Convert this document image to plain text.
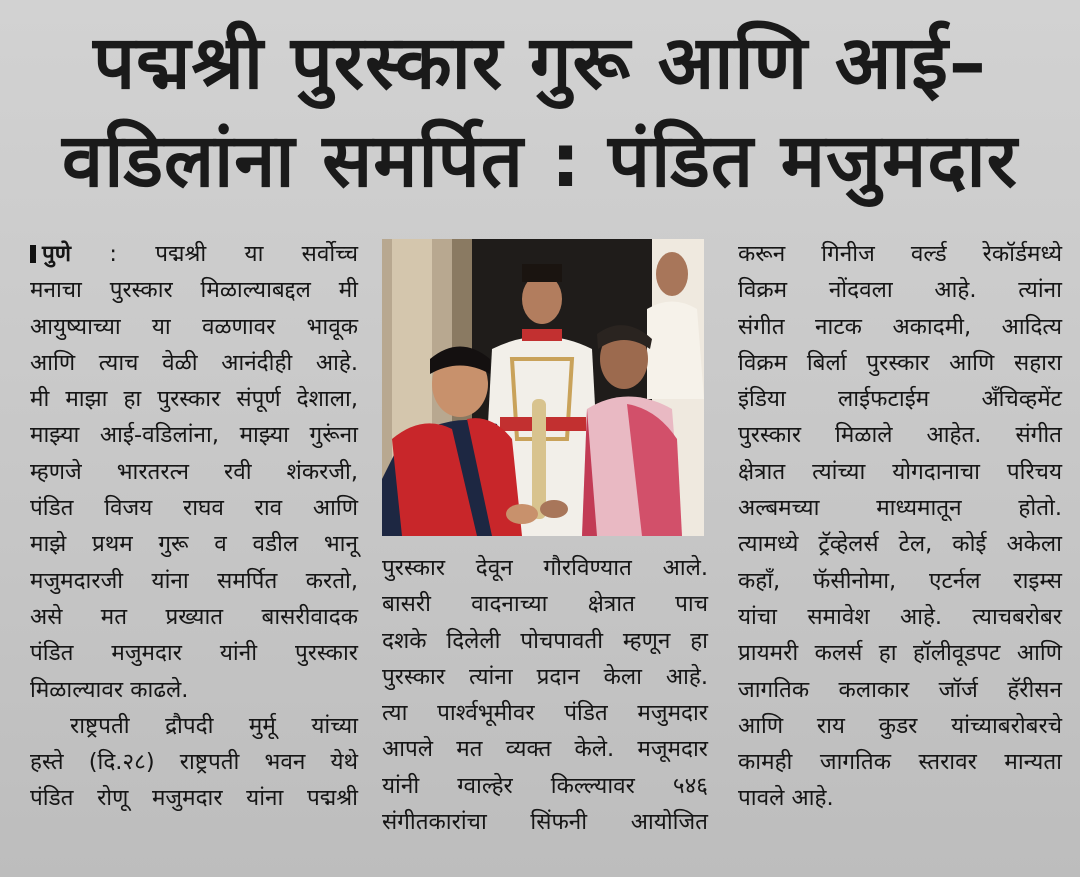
पद्मश्री पुरस्कार गुरू आणि आई–
वडिलांना समर्पित : पंडित मजुमदार
पुणे : पद्मश्री या सर्वोच्च
मनाचा पुरस्कार मिळाल्याबद्दल मी
आयुष्याच्या या वळणावर भावूक
आणि त्याच वेळी आनंदीही आहे.
मी माझा हा पुरस्कार संपूर्ण देशाला,
माझ्या आई-वडिलांना, माझ्या गुरूंना
म्हणजे भारतरत्न रवी शंकरजी,
पंडित विजय राघव राव आणि
माझे प्रथम गुरू व वडील भानू
मजुमदारजी यांना समर्पित करतो,
असे मत प्रख्यात बासरीवादक
पंडित मजुमदार यांनी पुरस्कार
मिळाल्यावर काढले.
राष्ट्रपती द्रौपदी मुर्मू यांच्या
हस्ते (दि.२८) राष्ट्रपती भवन येथे
पंडित रोणू मजुमदार यांना पद्मश्री
पुरस्कार देवून गौरविण्यात आले.
बासरी वादनाच्या क्षेत्रात पाच
दशके दिलेली पोचपावती म्हणून हा
पुरस्कार त्यांना प्रदान केला आहे.
त्या पार्श्वभूमीवर पंडित मजुमदार
आपले मत व्यक्त केले. मजूमदार
यांनी ग्वाल्हेर किल्ल्यावर ५४६
संगीतकारांचा सिंफनी आयोजित
करून गिनीज वर्ल्ड रेकॉर्डमध्ये
विक्रम नोंदवला आहे. त्यांना
संगीत नाटक अकादमी, आदित्य
विक्रम बिर्ला पुरस्कार आणि सहारा
इंडिया लाईफटाईम अँचिव्हमेंट
पुरस्कार मिळाले आहेत. संगीत
क्षेत्रात त्यांच्या योगदानाचा परिचय
अल्बमच्या माध्यमातून होतो.
त्यामध्ये ट्रॅव्हेलर्स टेल, कोई अकेला
कहाँ, फॅसीनोमा, एटर्नल राइम्स
यांचा समावेश आहे. त्याचबरोबर
प्रायमरी कलर्स हा हॉलीवूडपट आणि
जागतिक कलाकार जॉर्ज हॅरीसन
आणि राय कुडर यांच्याबरोबरचे
कामही जागतिक स्तरावर मान्यता
पावले आहे.
